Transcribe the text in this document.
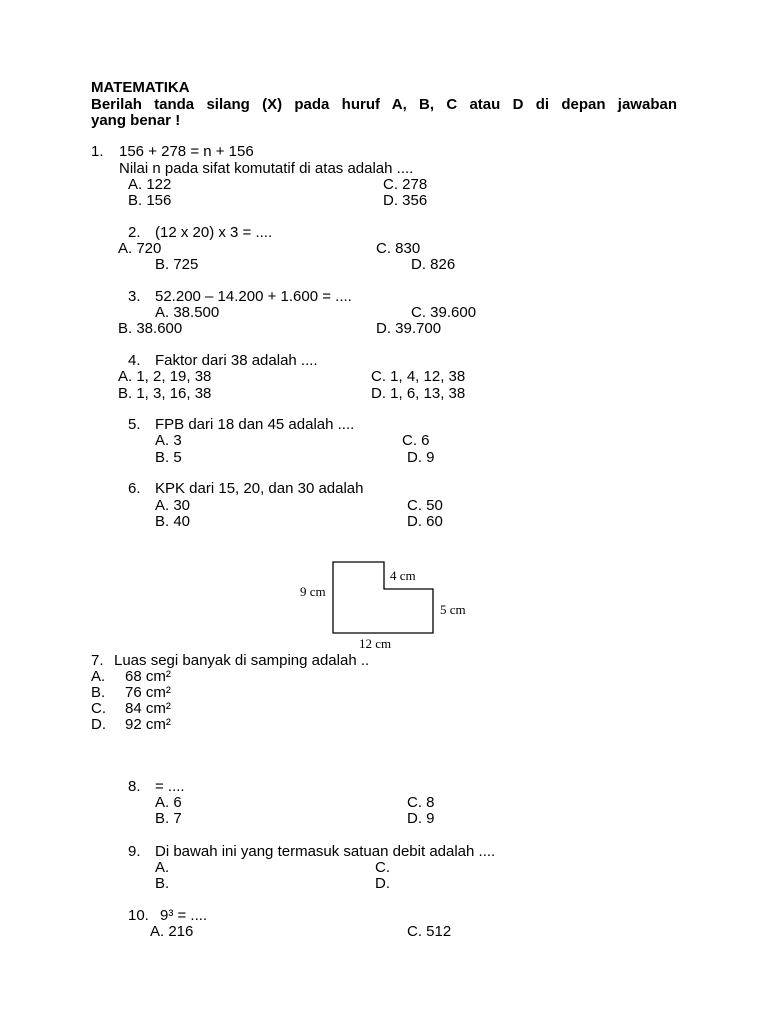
MATEMATIKA
Berilah tanda silang (X) pada huruf A, B, C atau D di depan jawaban
yang benar !
1. 156 + 278 = n + 156
Nilai n pada sifat komutatif di atas adalah ....
A. 122	C. 278
B. 156	D. 356
2. (12 x 20) x 3 = ....
A. 720	C. 830
B. 725	D. 826
3. 52.200 – 14.200 + 1.600 = ....
A. 38.500	C. 39.600
B. 38.600	D. 39.700
4. Faktor dari 38 adalah ....
A. 1, 2, 19, 38	C. 1, 4, 12, 38
B. 1, 3, 16, 38	D. 1, 6, 13, 38
5. FPB dari 18 dan 45 adalah ....
A. 3	C. 6
B. 5	D. 9
6. KPK dari 15, 20, dan 30 adalah
A. 30	C. 50
B. 40	D. 60
9 cm
4 cm
5 cm
12 cm
7. Luas segi banyak di samping adalah ..
A. 68 cm²
B. 76 cm²
C. 84 cm²
D. 92 cm²
8. = ....
A. 6	C. 8
B. 7	D. 9
9. Di bawah ini yang termasuk satuan debit adalah ....
A.	C.
B.	D.
10. 9³ = ....
A. 216	C. 512
